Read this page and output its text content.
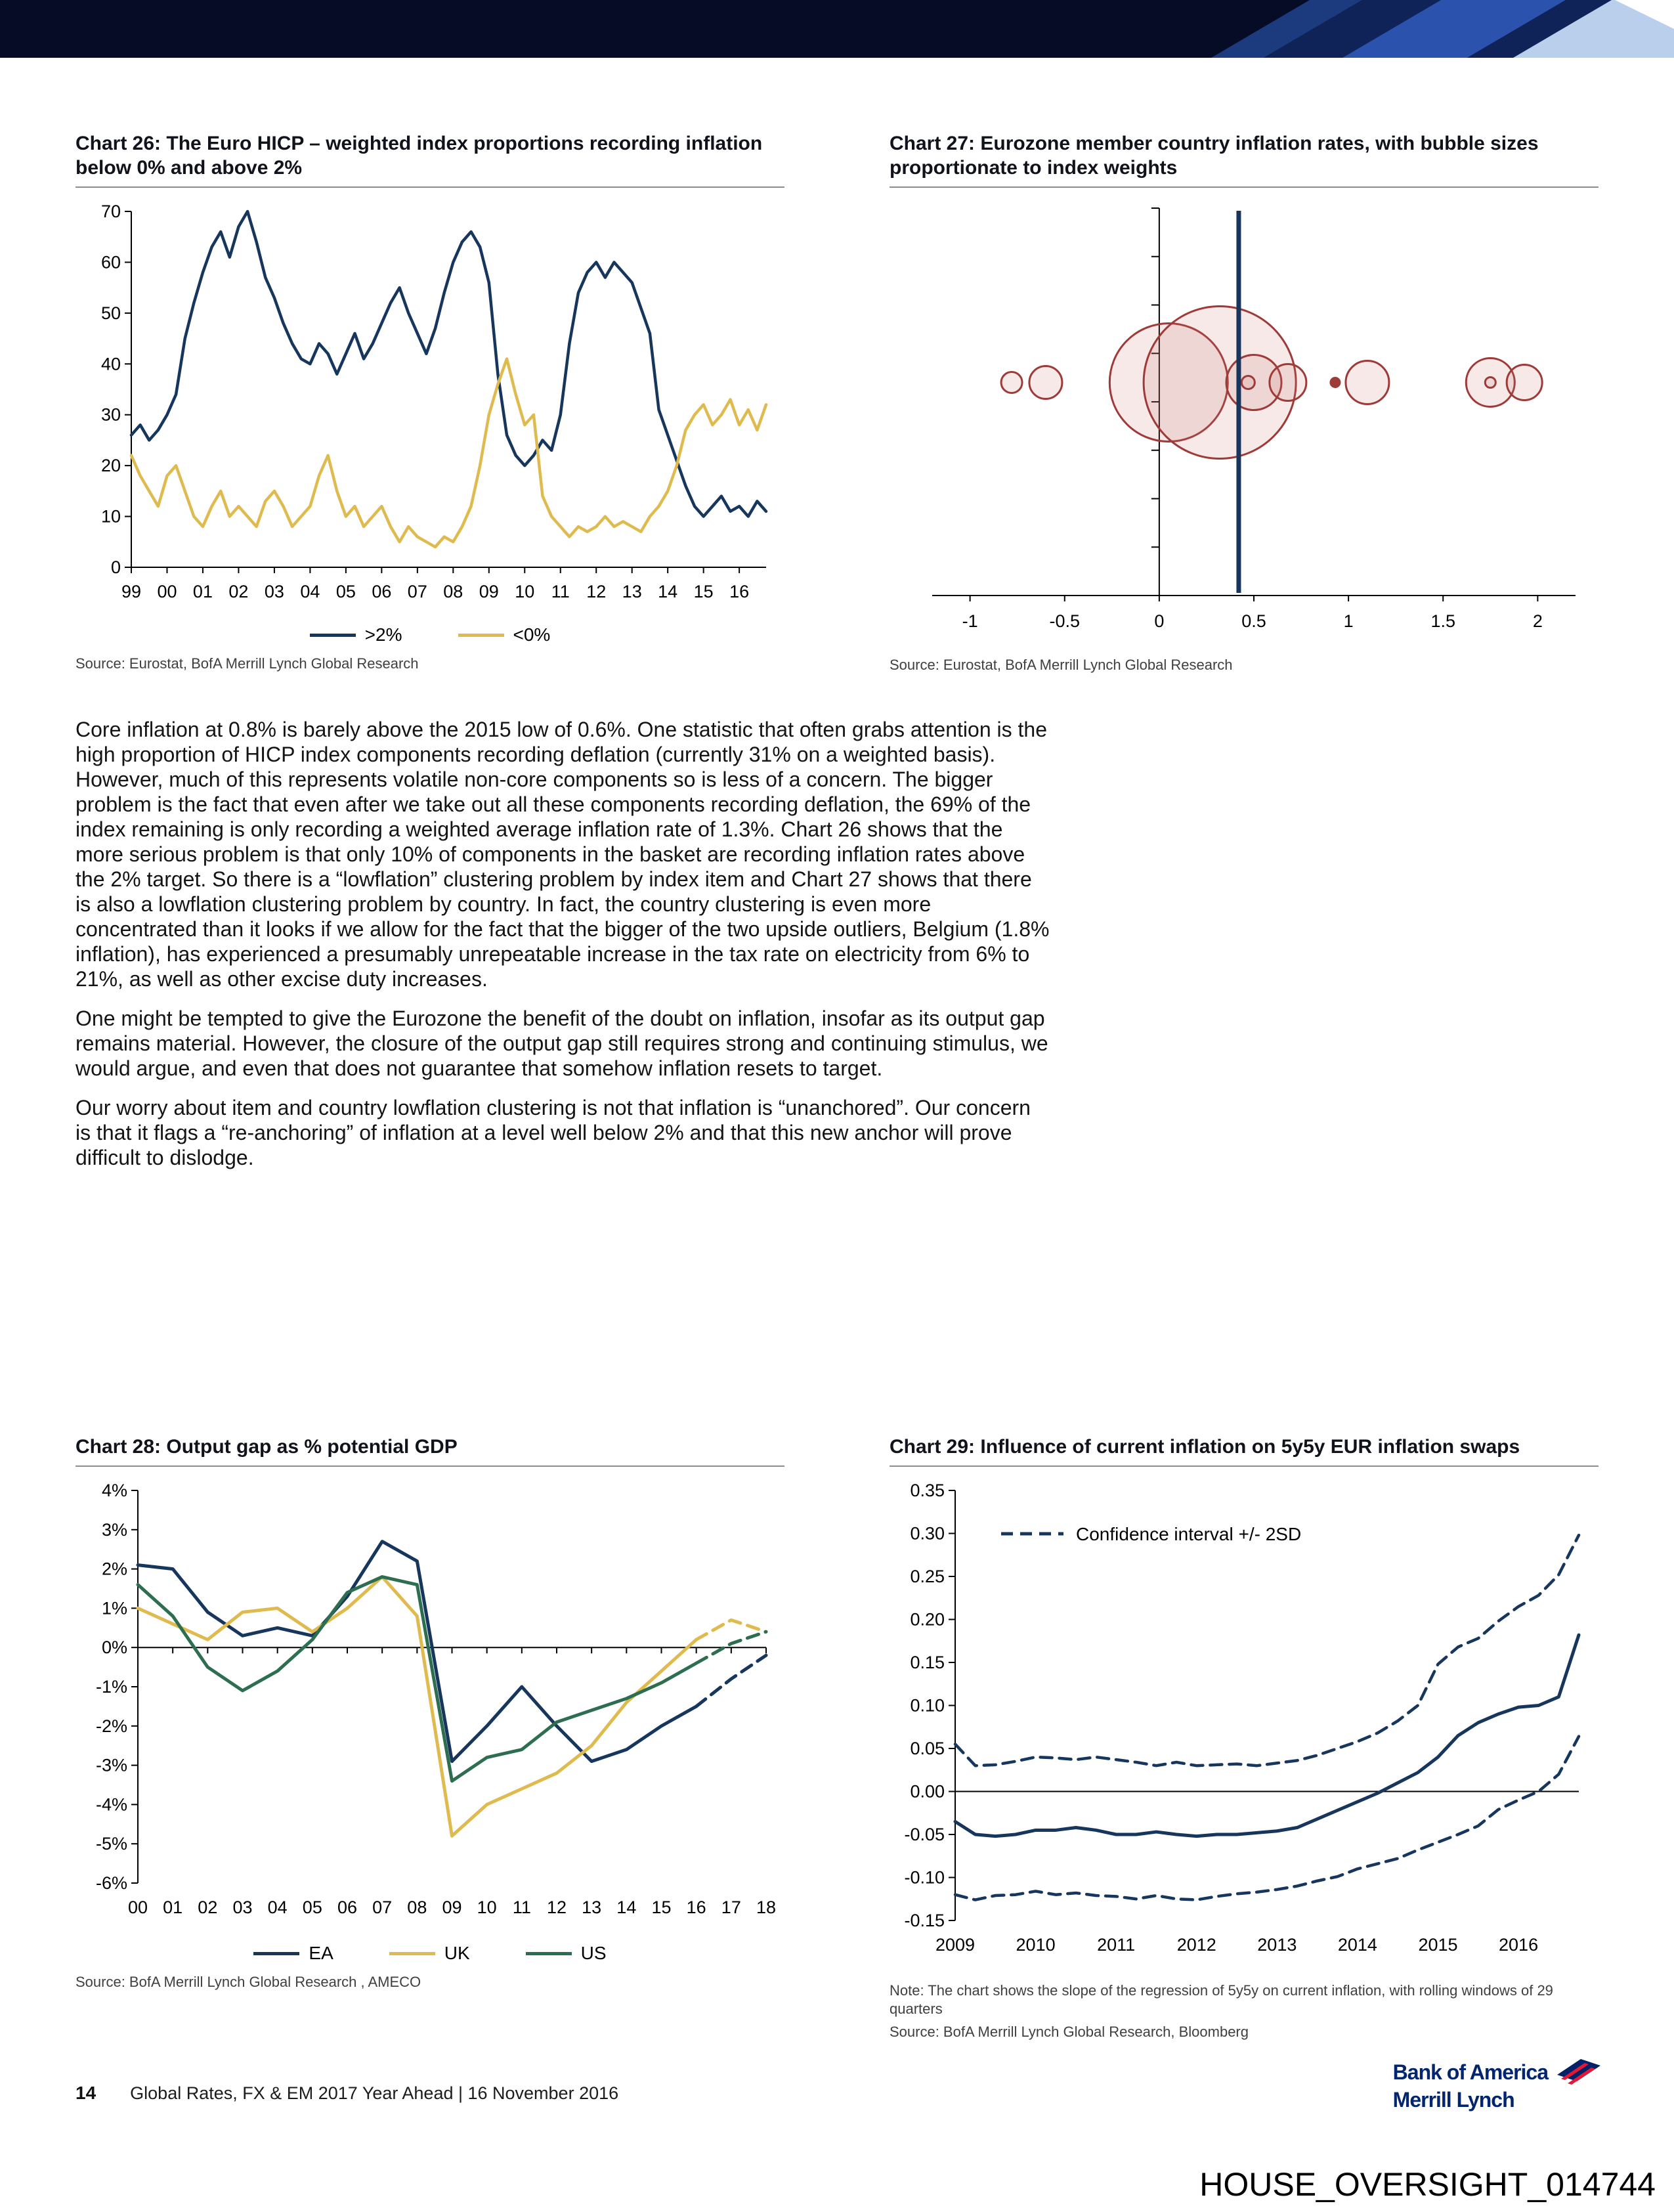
Chart 26: The Euro HICP – weighted index proportions recording inflation below 0% and above 2%
0
10
20
30
40
50
60
70
99 00 01 02 03 04 05 06 07 08 09 10 11 12 13 14 15 16
>2%	<0%
Source: Eurostat, BofA Merrill Lynch Global Research
Chart 27: Eurozone member country inflation rates, with bubble sizes proportionate to index weights
-1	-0.5	0	0.5	1	1.5	2
Source: Eurostat, BofA Merrill Lynch Global Research

Core inflation at 0.8% is barely above the 2015 low of 0.6%. One statistic that often grabs attention is the high proportion of HICP index components recording deflation (currently 31% on a weighted basis). However, much of this represents volatile non-core components so is less of a concern. The bigger problem is the fact that even after we take out all these components recording deflation, the 69% of the index remaining is only recording a weighted average inflation rate of 1.3%. Chart 26 shows that the more serious problem is that only 10% of components in the basket are recording inflation rates above the 2% target. So there is a “lowflation” clustering problem by index item and Chart 27 shows that there is also a lowflation clustering problem by country. In fact, the country clustering is even more concentrated than it looks if we allow for the fact that the bigger of the two upside outliers, Belgium (1.8% inflation), has experienced a presumably unrepeatable increase in the tax rate on electricity from 6% to 21%, as well as other excise duty increases.

One might be tempted to give the Eurozone the benefit of the doubt on inflation, insofar as its output gap remains material. However, the closure of the output gap still requires strong and continuing stimulus, we would argue, and even that does not guarantee that somehow inflation resets to target.

Our worry about item and country lowflation clustering is not that inflation is “unanchored”. Our concern is that it flags a “re-anchoring” of inflation at a level well below 2% and that this new anchor will prove difficult to dislodge.

Chart 28: Output gap as % potential GDP
4%
3%
2%
1%
0%
-1%
-2%
-3%
-4%
-5%
-6%
00 01 02 03 04 05 06 07 08 09 10 11 12 13 14 15 16 17 18
EA	UK	US
Source: BofA Merrill Lynch Global Research , AMECO
Chart 29: Influence of current inflation on 5y5y EUR inflation swaps
0.35
0.30
0.25
0.20
0.15
0.10
0.05
0.00
-0.05
-0.10
-0.15
2009 2010 2011 2012 2013 2014 2015 2016
Confidence interval +/- 2SD
Note: The chart shows the slope of the regression of 5y5y on current inflation, with rolling windows of 29 quarters
Source: BofA Merrill Lynch Global Research, Bloomberg
14 Global Rates, FX & EM 2017 Year Ahead | 16 November 2016
Bank of America
Merrill Lynch
HOUSE_OVERSIGHT_014744
